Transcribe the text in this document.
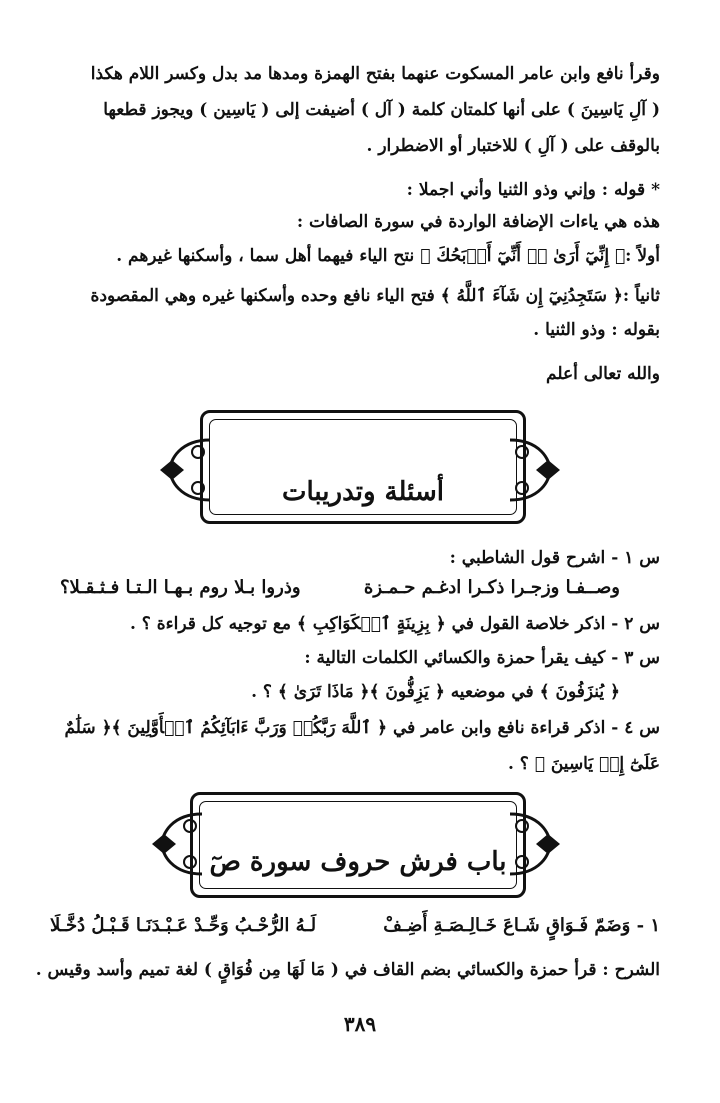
وقرأ نافع وابن عامر المسكوت عنهما بفتح الهمزة ومدها مد بدل وكسر اللام هكذا
( آلِ يَاسِينَ ) على أنها كلمتان كلمة ( آل ) أضيفت إلى ( يَاسِين ) ويجوز قطعها
بالوقف على ( آلِ ) للاختبار أو الاضطرار .
* قوله : وإني وذو الثنيا وأني اجملا :
هذه هي ياءات الإضافة الواردة في سورة الصافات :
أولاً :﴿ إِنِّيٓ أَرَىٰ ﴾﴿ أَنِّيٓ أَذۡبَحُكَ ﴾ نتح الياء فيهما أهل سما ، وأسكنها غيرهم .
ثانياً :﴿ سَتَجِدُنِيٓ إِن شَآءَ ٱللَّهُ ﴾ فتح الياء نافع وحده وأسكنها غيره وهي المقصودة
بقوله : وذو الثنيا .
والله تعالى أعلم
أسئلة وتدريبات
س ١ - اشرح قول الشاطبي :
وصــفـا وزجـرا ذكـرا ادغـم حـمـزة
وذروا بـلا روم بـهـا الـتـا فـثـقـلا؟
س ٢ - اذكر خلاصة القول في ﴿ بِزِينَةٍ ٱلۡكَوَاكِبِ ﴾ مع توجيه كل قراءة ؟ .
س ٣ - كيف يقرأ حمزة والكسائي الكلمات التالية :
﴿ يُنزَفُونَ ﴾ في موضعيه ﴿ يَزِفُّونَ ﴾﴿ مَاذَا تَرَىٰ ﴾ ؟ .
س ٤ - اذكر قراءة نافع وابن عامر في ﴿ ٱللَّهَ رَبَّكُمۡ وَرَبَّ ءَابَآئِكُمُ ٱلۡأَوَّلِينَ ﴾﴿ سَلَٰمٌ
عَلَىٰٓ إِلۡ يَاسِينَ ﴾ ؟ .
باب فرش حروف سورة صٓ
١ - وَضَمّ فَـوَاقٍ شَـاعَ خَـالِـصَـةِ أَضِـفْ
لَـهُ الرُّحْـبُ وَحِّـدْ عَـبْـدَنَـا قَـبْـلُ دُخَّـلَا
الشرح : قرأ حمزة والكسائي بضم القاف في ( مَا لَهَا مِن فُوَاقٍ ) لغة تميم وأسد وقيس .
٣٨٩
